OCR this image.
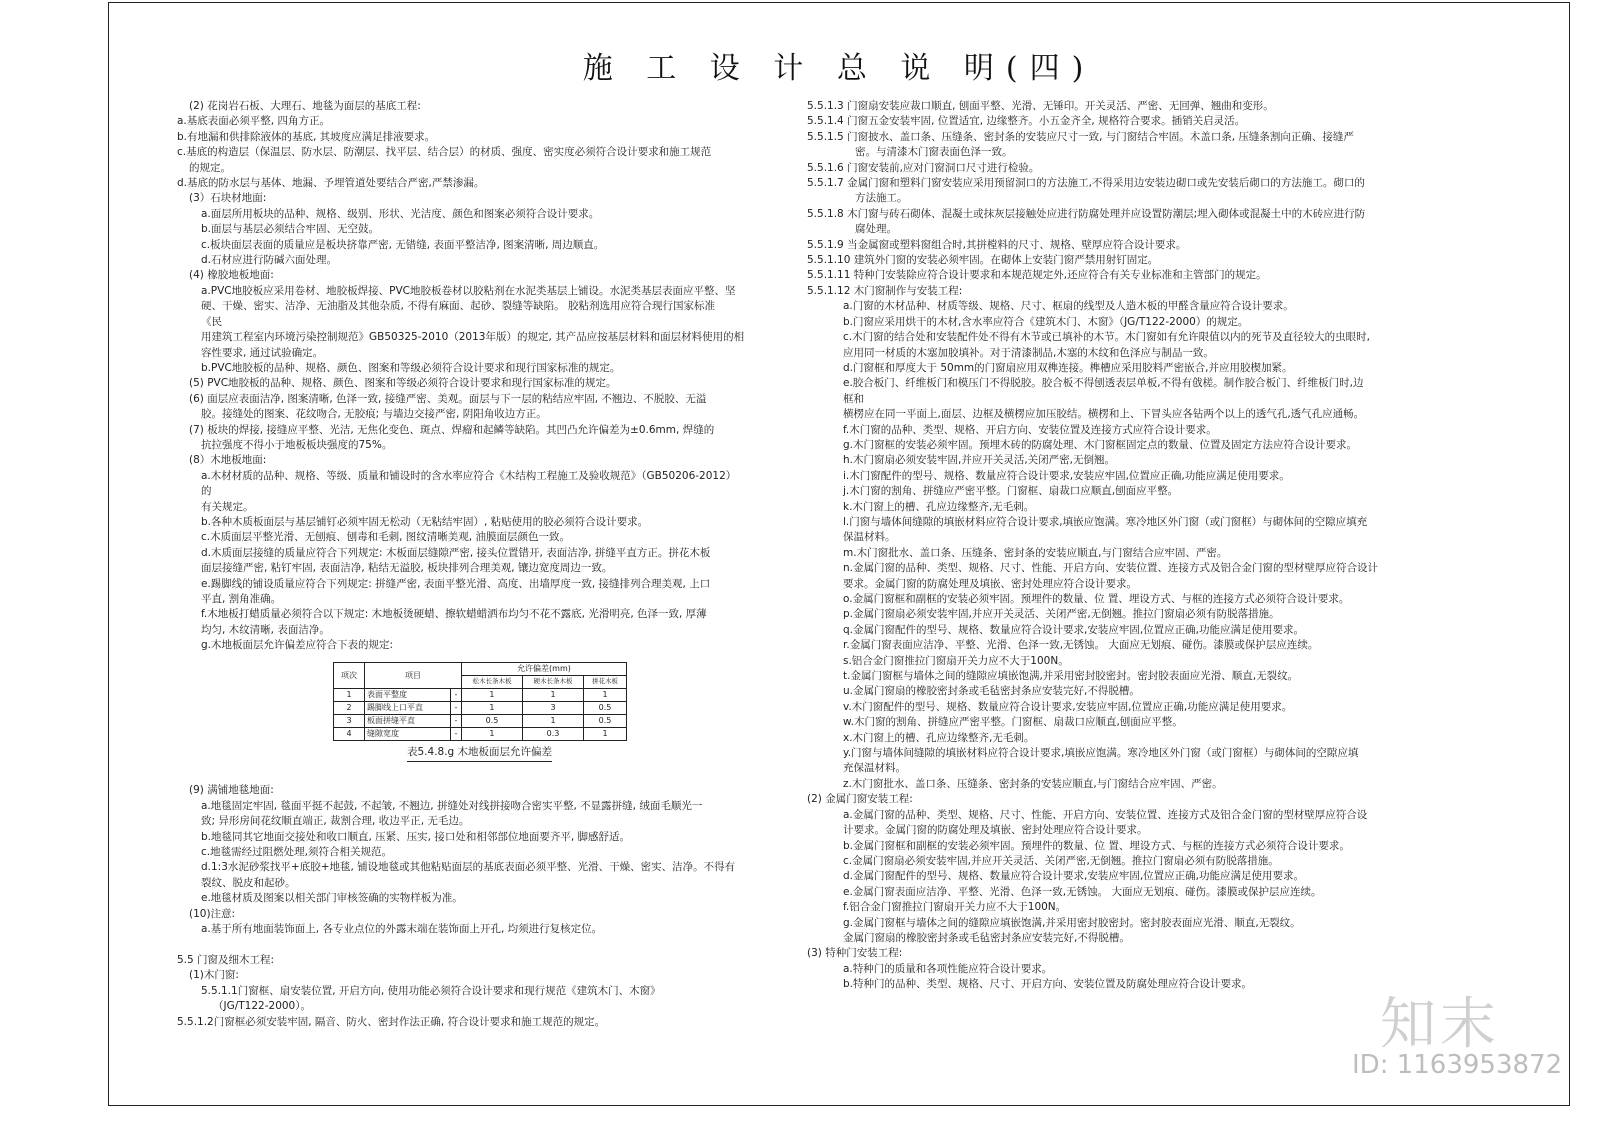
施 工 设 计 总 说 明(四)
(2) 花岗岩石板、大理石、地毯为面层的基底工程:
a.基底表面必须平整, 四角方正。
b.有地漏和供排除液体的基底, 其坡度应满足排液要求。
c.基底的构造层（保温层、防水层、防潮层、找平层、结合层）的材质、强度、密实度必须符合设计要求和施工规范
的规定。
d.基底的防水层与基体、地漏、予埋管道处要结合严密,严禁渗漏。
(3）石块材地面:
a.面层所用板块的品种、规格、级别、形状、光洁度、颜色和图案必须符合设计要求。
b.面层与基层必须结合牢固、无空鼓。
c.板块面层表面的质量应是板块挤靠严密, 无错缝, 表面平整洁净, 图案清晰, 周边顺直。
d.石材应进行防碱六面处理。
(4) 橡胶地板地面:
a.PVC地胶板应采用卷材、地胶板焊接、PVC地胶板卷材以胶粘剂在水泥类基层上铺设。水泥类基层表面应平整、坚
硬、干燥、密实、洁净、无油脂及其他杂质, 不得有麻面、起砂、裂缝等缺陷。 胶粘剂选用应符合现行国家标准
《民
用建筑工程室内环境污染控制规范》GB50325-2010（2013年版）的规定, 其产品应按基层材料和面层材料使用的相
容性要求, 通过试验确定。
b.PVC地胶板的品种、规格、颜色、图案和等级必须符合设计要求和现行国家标准的规定。
(5) PVC地胶板的品种、规格、颜色、图案和等级必须符合设计要求和现行国家标准的规定。
(6) 面层应表面洁净, 图案清晰, 色泽一致, 接缝严密、美观。面层与下一层的粘结应牢固, 不翘边、不脱胶、无溢
胶。接缝处的图案、花纹吻合, 无胶痕; 与墙边交接严密, 阴阳角收边方正。
(7) 板块的焊接, 接缝应平整、光洁, 无焦化变色、斑点、焊瘤和起鳞等缺陷。其凹凸允许偏差为±0.6mm, 焊缝的
抗拉强度不得小于地板板块强度的75%。
(8）木地板地面:
a.木材材质的品种、规格、等级、质量和铺设时的含水率应符合《木结构工程施工及验收规范》（GB50206-2012）
的
有关规定。
b.各种木质板面层与基层铺钉必须牢固无松动（无粘结牢固）, 粘贴使用的胶必须符合设计要求。
c.木质面层平整光滑、无刨痕、刨毒和毛刺, 图纹清晰美观, 油膜面层颜色一致。
d.木质面层接缝的质量应符合下列规定: 木板面层缝隙严密, 接头位置错开, 表面洁净, 拼缝平直方正。拼花木板
面层接缝严密, 粘钉牢固, 表面洁净, 粘结无溢胶, 板块排列合理美观, 镶边宽度周边一致。
e.踢脚线的铺设质量应符合下列规定: 拼缝严密, 表面平整光滑、高度、出墙厚度一致, 接缝排列合理美观, 上口
平直, 割角准确。
f.木地板打蜡质量必须符合以下规定: 木地板烫硬蜡、擦软蜡蜡洒布均匀不花不露底, 光滑明亮, 色泽一致, 厚薄
均匀, 木纹清晰, 表面洁净。
g.木地板面层允许偏差应符合下表的规定:
项次	项目		允许偏差(mm)		
			松木长条木板	硬木长条木板	拼花木板
1	表面平整度	-	1	1	1
2	踢脚线上口平直	-	1	3	0.5
3	板面拼缝平直	-	0.5	1	0.5
4	缝隙宽度	-	1	0.3	1
表5.4.8.g 木地板面层允许偏差
(9) 满铺地毯地面:
a.地毯固定牢固, 毯面平挺不起鼓, 不起皱, 不翘边, 拼缝处对线拼接吻合密实平整, 不显露拼缝, 绒面毛顺光一
致; 异形房间花纹顺直端正, 裁割合理, 收边平正, 无毛边。
b.地毯同其它地面交接处和收口顺直, 压紧、压实, 接口处和相邻部位地面要齐平, 脚感舒适。
c.地毯需经过阻燃处理,须符合相关规范。
d.1:3水泥砂浆找平+底胶+地毯, 铺设地毯或其他粘贴面层的基底表面必须平整、光滑、干燥、密实、洁净。不得有
裂纹、脱皮和起砂。
e.地毯材质及图案以相关部门审核签确的实物样板为准。
(10)注意:
a.基于所有地面装饰面上, 各专业点位的外露末端在装饰面上开孔, 均须进行复核定位。

5.5 门窗及细木工程:
(1)木门窗:
5.5.1.1门窗框、扇安装位置, 开启方向, 使用功能必须符合设计要求和现行规范《建筑木门、木窗》
（JG/T122-2000）。
5.5.1.2门窗框必须安装牢固, 隔音、防火、密封作法正确, 符合设计要求和施工规范的规定。
5.5.1.3 门窗扇安装应裁口顺直, 刨面平整、光滑、无锤印。开关灵活、严密、无回弹、翘曲和变形。
5.5.1.4 门窗五金安装牢固, 位置适宜, 边缘整齐。小五金齐全, 规格符合要求。插销关启灵活。
5.5.1.5 门窗披水、盖口条、压缝条、密封条的安装应尺寸一致, 与门窗结合牢固。木盖口条, 压缝条割向正确、接缝严
密。与清漆木门窗表面色泽一致。
5.5.1.6 门窗安装前,应对门窗洞口尺寸进行检验。
5.5.1.7 金属门窗和塑料门窗安装应采用预留洞口的方法施工,不得采用边安装边砌口或先安装后砌口的方法施工。砌口的
方法施工。
5.5.1.8 木门窗与砖石砌体、混凝土或抹灰层接触处应进行防腐处理并应设置防潮层;埋入砌体或混凝土中的木砖应进行防
腐处理。
5.5.1.9 当金属窗或塑料窗组合时,其拼樘料的尺寸、规格、壁厚应符合设计要求。
5.5.1.10 建筑外门窗的安装必须牢固。在砌体上安装门窗严禁用射钉固定。
5.5.1.11 特种门安装除应符合设计要求和本规范规定外,还应符合有关专业标准和主管部门的规定。
5.5.1.12 木门窗制作与安装工程:
a.门窗的木材品种、材质等级、规格、尺寸、框扇的线型及人造木板的甲醛含量应符合设计要求。
b.门窗应采用烘干的木材,含水率应符合《建筑木门、木窗》（JG/T122-2000）的规定。
c.木门窗的结合处和安装配件处不得有木节或已填补的木节。木门窗如有允许限值以内的死节及直径较大的虫眼时,
应用同一材质的木塞加胶填补。对于清漆制品,木塞的木纹和色泽应与制品一致。
d.门窗框和厚度大于 50mm的门窗扇应用双榫连接。榫槽应采用胶料严密嵌合,并应用胶楔加紧。
e.胶合板门、纤维板门和模压门不得脱胶。胶合板不得刨透表层单板,不得有戗槎。制作胶合板门、纤维板门时,边
框和
横楞应在同一平面上,面层、边框及横楞应加压胶结。横楞和上、下冒头应各钻两个以上的透气孔,透气孔应通畅。
f.木门窗的品种、类型、规格、开启方向、安装位置及连接方式应符合设计要求。
g.木门窗框的安装必须牢固。预埋木砖的防腐处理、木门窗框固定点的数量、位置及固定方法应符合设计要求。
h.木门窗扇必须安装牢固,并应开关灵活,关闭严密,无倒翘。
i.木门窗配件的型号、规格、数量应符合设计要求,安装应牢固,位置应正确,功能应满足使用要求。
j.木门窗的割角、拼缝应严密平整。门窗框、扇裁口应顺直,刨面应平整。
k.木门窗上的槽、孔应边缘整齐,无毛刺。
l.门窗与墙体间缝隙的填嵌材料应符合设计要求,填嵌应饱满。寒冷地区外门窗（或门窗框）与砌体间的空隙应填充
保温材料。
m.木门窗批水、盖口条、压缝条、密封条的安装应顺直,与门窗结合应牢固、严密。
n.金属门窗的品种、类型、规格、尺寸、性能、开启方向、安装位置、连接方式及铝合金门窗的型材壁厚应符合设计
要求。金属门窗的防腐处理及填嵌、密封处理应符合设计要求。
o.金属门窗框和副框的安装必须牢固。预埋件的数量、位 置、埋设方式、与框的连接方式必须符合设计要求。
p.金属门窗扇必须安装牢固,并应开关灵活、关闭严密,无倒翘。推拉门窗扇必须有防脱落措施。
q.金属门窗配件的型号、规格、数量应符合设计要求,安装应牢固,位置应正确,功能应满足使用要求。
r.金属门窗表面应洁净、平整、光滑、色泽一致,无锈蚀。 大面应无划痕、碰伤。漆膜或保护层应连续。
s.铝合金门窗推拉门窗扇开关力应不大于100N。
t.金属门窗框与墙体之间的缝隙应填嵌饱满,并采用密封胶密封。密封胶表面应光滑、顺直,无裂纹。
u.金属门窗扇的橡胶密封条或毛毡密封条应安装完好,不得脱槽。
v.木门窗配件的型号、规格、数量应符合设计要求,安装应牢固,位置应正确,功能应满足使用要求。
w.木门窗的割角、拼缝应严密平整。门窗框、扇裁口应顺直,刨面应平整。
x.木门窗上的槽、孔应边缘整齐,无毛刺。
y.门窗与墙体间缝隙的填嵌材料应符合设计要求,填嵌应饱满。寒冷地区外门窗（或门窗框）与砌体间的空隙应填
充保温材料。
z.木门窗批水、盖口条、压缝条、密封条的安装应顺直,与门窗结合应牢固、严密。
(2) 金属门窗安装工程:
a.金属门窗的品种、类型、规格、尺寸、性能、开启方向、安装位置、连接方式及铝合金门窗的型材壁厚应符合设
计要求。金属门窗的防腐处理及填嵌、密封处理应符合设计要求。
b.金属门窗框和副框的安装必须牢固。预埋件的数量、位 置、埋设方式、与框的连接方式必须符合设计要求。
c.金属门窗扇必须安装牢固,并应开关灵活、关闭严密,无倒翘。推拉门窗扇必须有防脱落措施。
d.金属门窗配件的型号、规格、数量应符合设计要求,安装应牢固,位置应正确,功能应满足使用要求。
e.金属门窗表面应洁净、平整、光滑、色泽一致,无锈蚀。 大面应无划痕、碰伤。漆膜或保护层应连续。
f.铝合金门窗推拉门窗扇开关力应不大于100N。
g.金属门窗框与墙体之间的缝隙应填嵌饱满,并采用密封胶密封。密封胶表面应光滑、顺直,无裂纹。
金属门窗扇的橡胶密封条或毛毡密封条应安装完好,不得脱槽。
(3) 特种门安装工程:
a.特种门的质量和各项性能应符合设计要求。
b.特种门的品种、类型、规格、尺寸、开启方向、安装位置及防腐处理应符合设计要求。
知末
ID: 1163953872
